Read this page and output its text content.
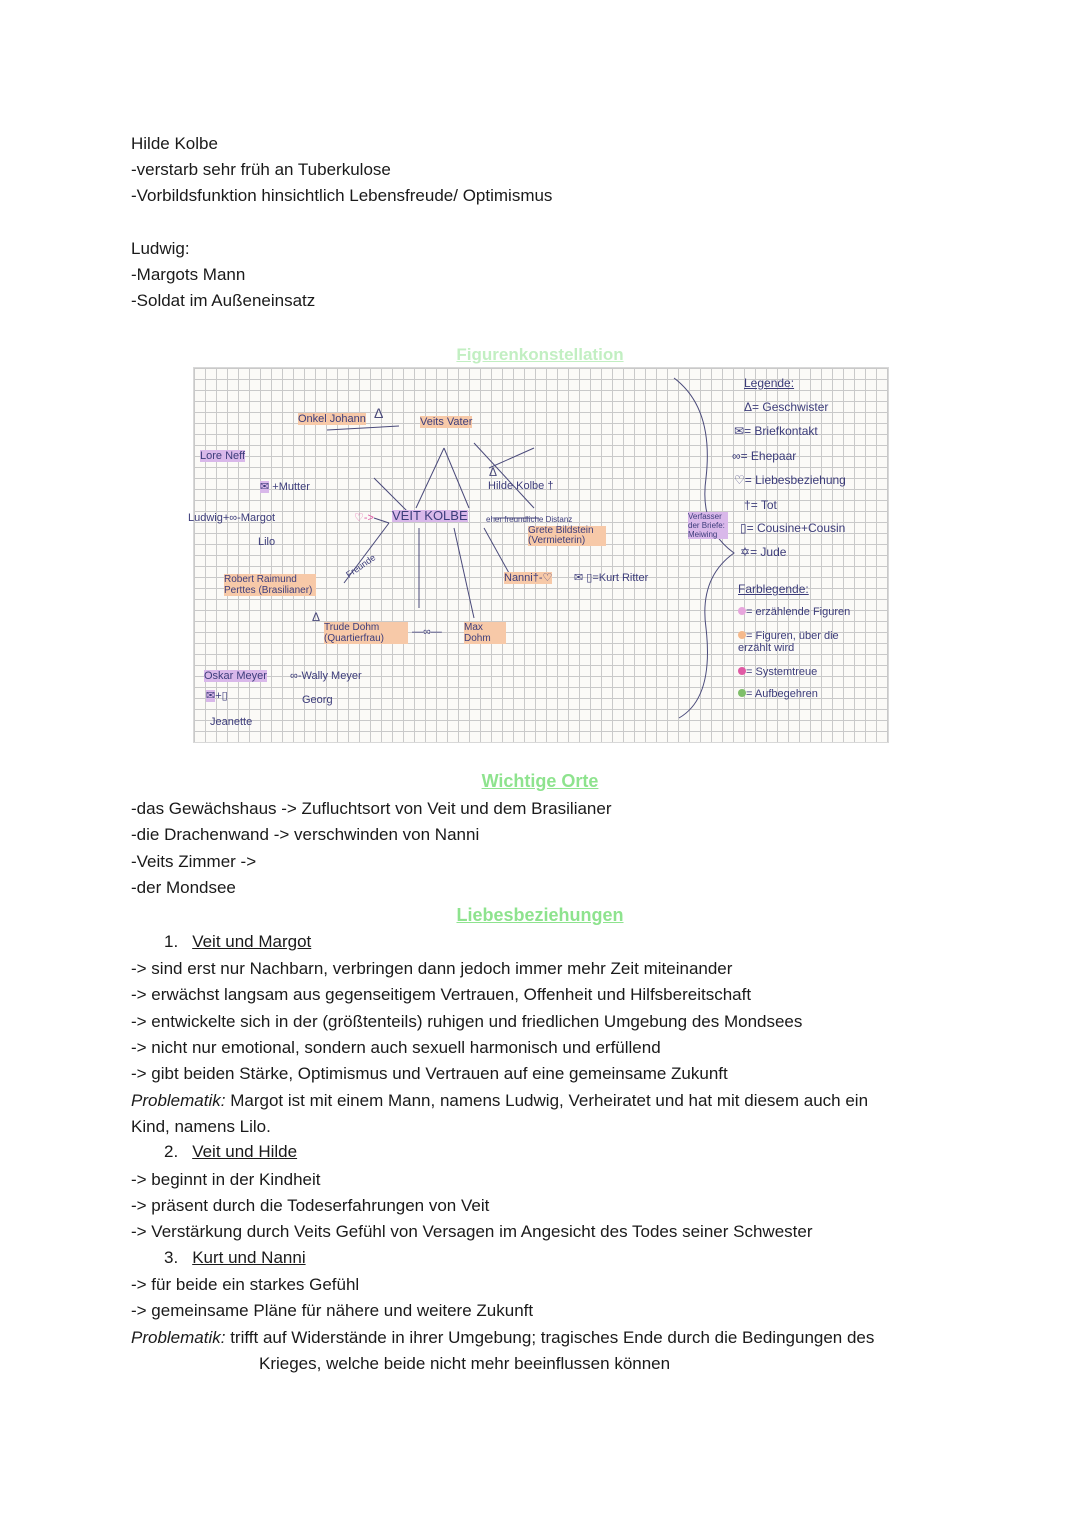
Hilde Kolbe
-verstarb sehr früh an Tuberkulose
-Vorbildsfunktion hinsichtlich Lebensfreude/ Optimismus
Ludwig:
-Margots Mann
-Soldat im Außeneinsatz
Figurenkonstellation
Δ
Δ
Δ
Onkel Johann	Veits Vater
Lore Neff
✉ +Mutter
Ludwig+∞-Margot	♡-> VEIT KOLBE
Lilo
Hilde Kolbe †
eher freundliche Distanz
Grete Bildstein (Vermieterin)
Nanni†-♡ ✉ ▯=Kurt Ritter
Robert Raimund Perttes (Brasilianer)
Trude Dohm (Quartierfrau)
—∞— Max Dohm
Oskar Meyer ∞-Wally Meyer
Georg
✉+▯
Jeanette
Freunde
Verfasser der Briefe: Meiwing
Legende:
Δ= Geschwister
✉= Briefkontakt
∞= Ehepaar
♡= Liebesbeziehung
†= Tot
▯= Cousine+Cousin
✡= Jude
Farblegende:
= erzählende Figuren
= Figuren, über die erzählt wird
= Systemtreue
= Aufbegehren
Wichtige Orte
-das Gewächshaus -> Zufluchtsort von Veit und dem Brasilianer
-die Drachenwand -> verschwinden von Nanni
-Veits Zimmer ->
-der Mondsee
Liebesbeziehungen
1. Veit und Margot
-> sind erst nur Nachbarn, verbringen dann jedoch immer mehr Zeit miteinander
-> erwächst langsam aus gegenseitigem Vertrauen, Offenheit und Hilfsbereitschaft
-> entwickelte sich in der (größtenteils) ruhigen und friedlichen Umgebung des Mondsees
-> nicht nur emotional, sondern auch sexuell harmonisch und erfüllend
-> gibt beiden Stärke, Optimismus und Vertrauen auf eine gemeinsame Zukunft
Problematik: Margot ist mit einem Mann, namens Ludwig, Verheiratet und hat mit diesem auch ein
Kind, namens Lilo.
2. Veit und Hilde
-> beginnt in der Kindheit
-> präsent durch die Todeserfahrungen von Veit
-> Verstärkung durch Veits Gefühl von Versagen im Angesicht des Todes seiner Schwester
3. Kurt und Nanni
-> für beide ein starkes Gefühl
-> gemeinsame Pläne für nähere und weitere Zukunft
Problematik: trifft auf Widerstände in ihrer Umgebung; tragisches Ende durch die Bedingungen des
Krieges, welche beide nicht mehr beeinflussen können
